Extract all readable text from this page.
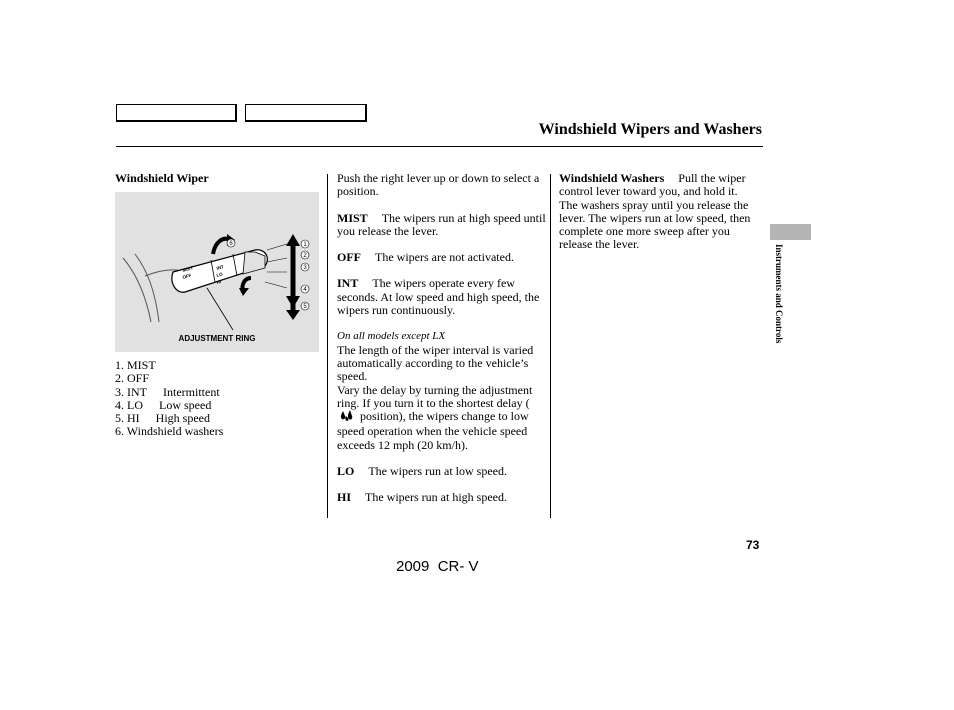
Windshield Wipers and Washers

Windshield Wiper

MIST
OFF
INT
LO
HI
1
2
3
4
5
6
ADJUSTMENT RING
1. MIST
2. OFF
3. INT Intermittent
4. LO Low speed
5. HI High speed
6. Windshield washers

Push the right lever up or down to select a position.

MIST The wipers run at high speed until you release the lever.

OFF The wipers are not activated.

INT The wipers operate every few seconds. At low speed and high speed, the wipers run continuously.

On all models except LX

The length of the wiper interval is varied automatically according to the vehicle’s speed.

Vary the delay by turning the adjustment ring. If you turn it to the shortest delay ( position), the wipers change to low speed operation when the vehicle speed exceeds 12 mph (20 km/h).

LO The wipers run at low speed.

HI The wipers run at high speed.

Windshield Washers Pull the wiper control lever toward you, and hold it. The washers spray until you release the lever. The wipers run at low speed, then complete one more sweep after you release the lever.	Instruments and Controls
73
2009  CR- V
